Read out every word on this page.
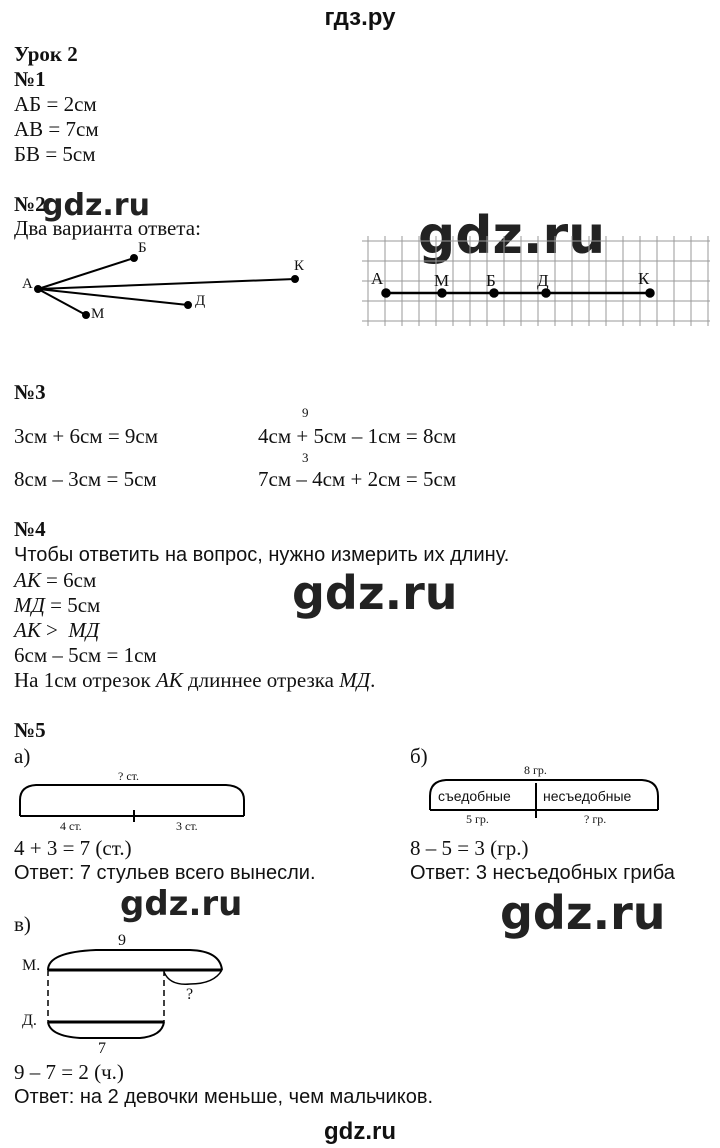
гдз.ру
gdz.ru
gdz.ru
gdz.ru
gdz.ru	gdz.ru
Урок 2
№1
АБ = 2см
АВ = 7см
БВ = 5см
№2
Два варианта ответа:
А
Б
К
Д
М
А	М Б Д	К
№3
9
3см + 6см = 9см	4см + 5см – 1см = 8см
3
8см – 3см = 5см	7см – 4см + 2см = 5см
№4
Чтобы ответить на вопрос, нужно измерить их длину.
АК = 6см
МД = 5см
АК >  МД
6см – 5см = 1см
На 1см отрезок АК длиннее отрезка МД.
№5
а)
? ст.
4 ст.	3 ст.
4 + 3 = 7 (ст.)
Ответ: 7 стульев всего вынесли.
б)
8 гр.
съедобные несъедобные
5 гр.	? гр.
8 – 5 = 3 (гр.)
Ответ: 3 несъедобных гриба
в)
9
М.
Д.
?
7
9 – 7 = 2 (ч.)
Ответ: на 2 девочки меньше, чем мальчиков.
gdz.ru
